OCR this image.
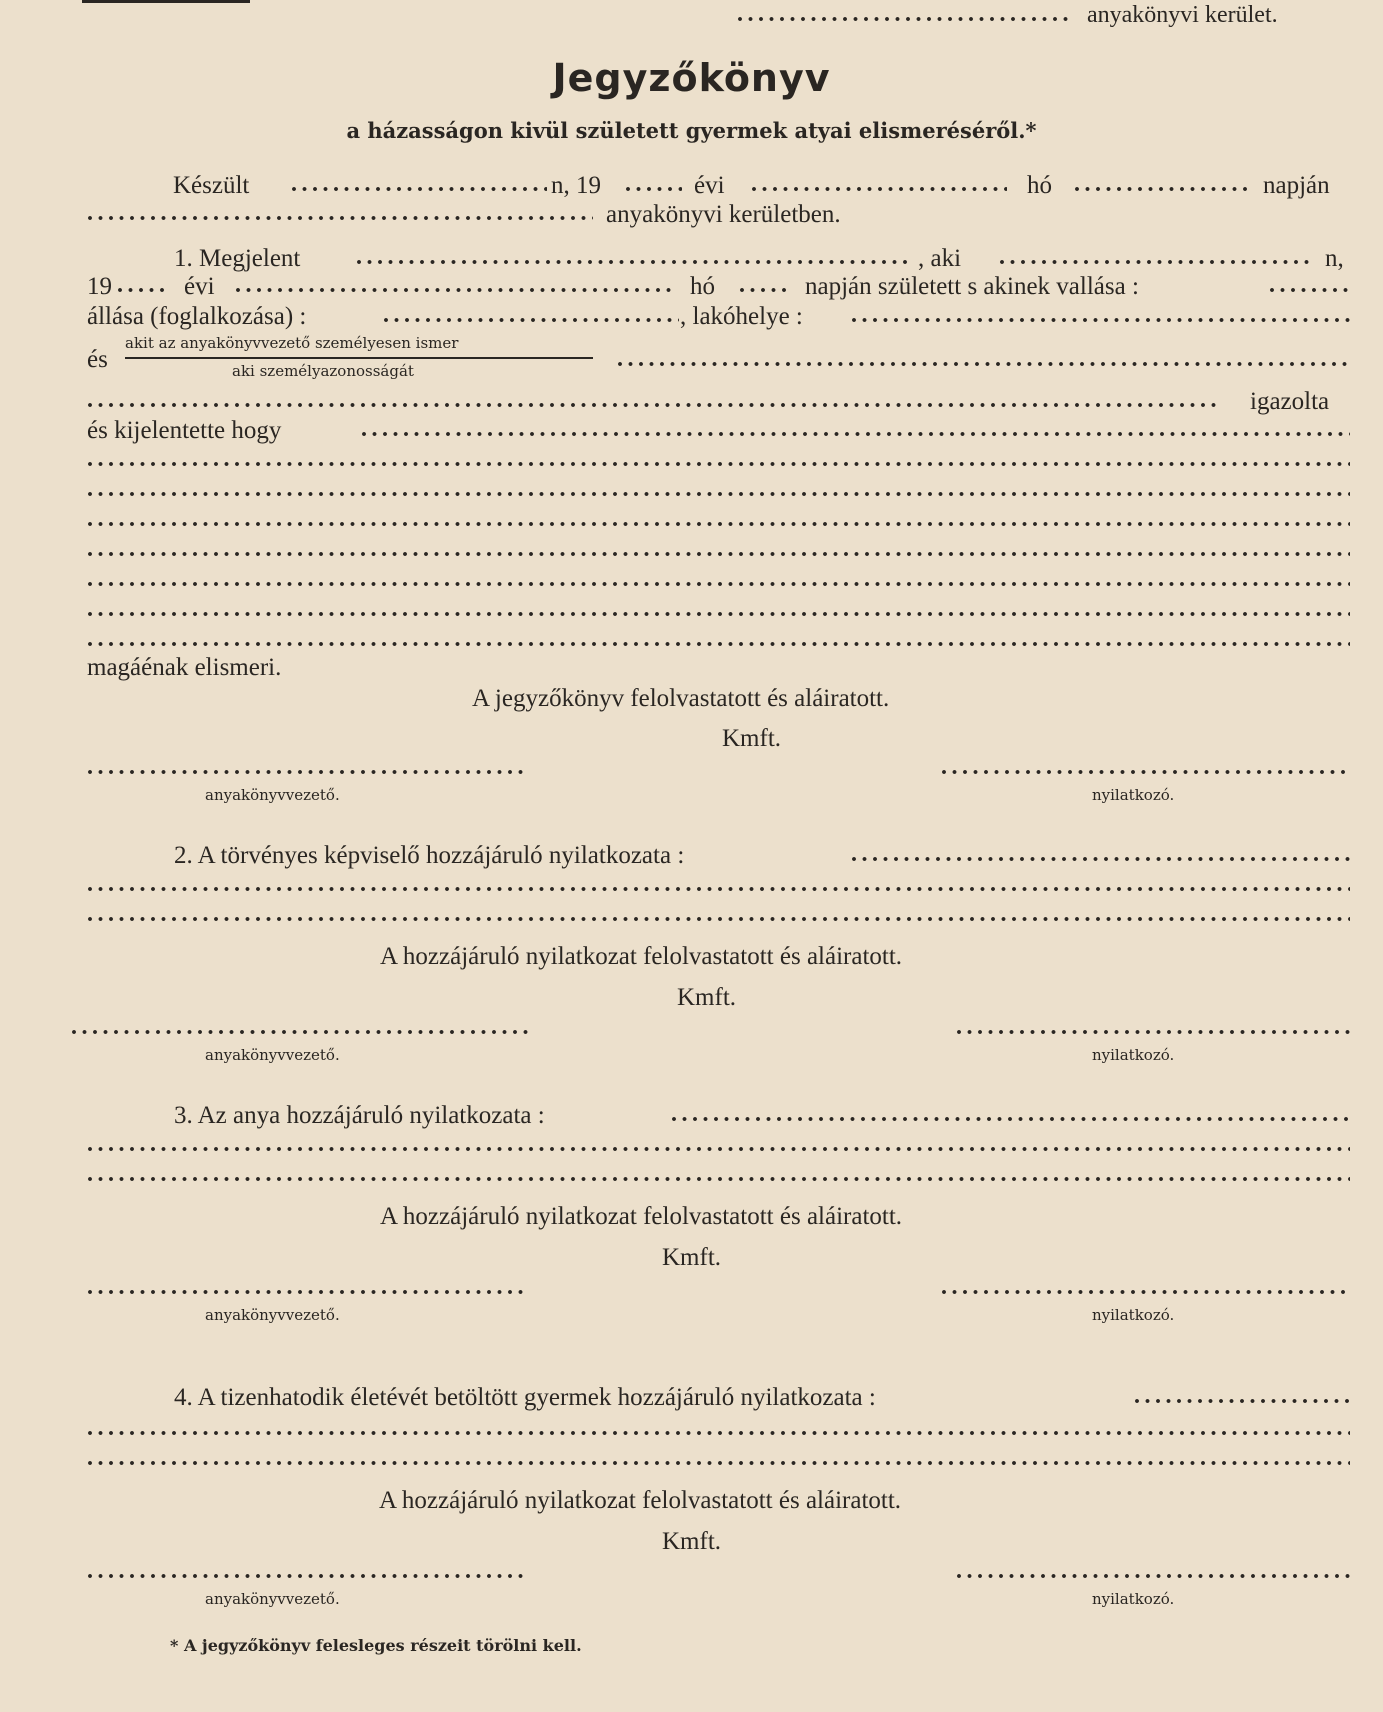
anyakönyvi kerület.
Jegyzőkönyv
a házasságon kivül született gyermek atyai elismeréséről.*
Készült	n, 19	évi	hó	napján
anyakönyvi kerületben.
1. Megjelent	, aki	n,
19	évi	hó	napján született s akinek vallása :
állása (foglalkozása) :	, lakóhelye :
és
akit az anyakönyvvezető személyesen ismer
aki személyazonosságát
igazolta
és kijelentette hogy
magáénak elismeri.
A jegyzőkönyv felolvastatott és aláiratott.
Kmft.
anyakönyvvezető.	nyilatkozó.
2. A törvényes képviselő hozzájáruló nyilatkozata :
A hozzájáruló nyilatkozat felolvastatott és aláiratott.
Kmft.
anyakönyvvezető.	nyilatkozó.
3. Az anya hozzájáruló nyilatkozata :
A hozzájáruló nyilatkozat felolvastatott és aláiratott.
Kmft.
anyakönyvvezető.	nyilatkozó.
4. A tizenhatodik életévét betöltött gyermek hozzájáruló nyilatkozata :
A hozzájáruló nyilatkozat felolvastatott és aláiratott.
Kmft.
anyakönyvvezető.	nyilatkozó.
* A jegyzőkönyv felesleges részeit törölni kell.
